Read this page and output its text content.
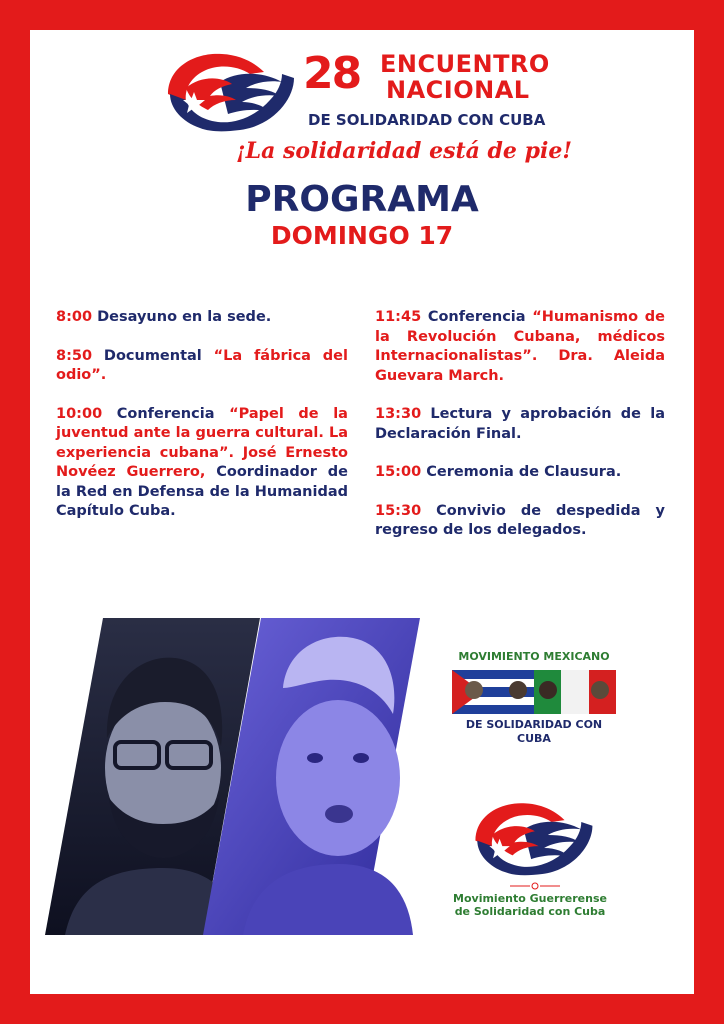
28 ENCUENTRO
NACIONAL
DE SOLIDARIDAD CON CUBA
¡La solidaridad está de pie!
PROGRAMA
DOMINGO 17
8:00 Desayuno en la sede.
8:50 Documental “La fábrica del odio”.
10:00 Conferencia “Papel de la juventud ante la guerra cultural. La experiencia cubana”. José Ernesto Novéez Guerrero, Coordinador de la Red en Defensa de la Humanidad Capítulo Cuba.
11:45 Conferencia “Humanismo de la Revolución Cubana, médicos Internacionalistas”. Dra. Aleida Guevara March.
13:30 Lectura y aprobación de la Declaración Final.
15:00 Ceremonia de Clausura.
15:30 Convivio de despedida y regreso de los delegados.
MOVIMIENTO MEXICANO
DE SOLIDARIDAD CON CUBA
Movimiento Guerrerense
de Solidaridad con Cuba
